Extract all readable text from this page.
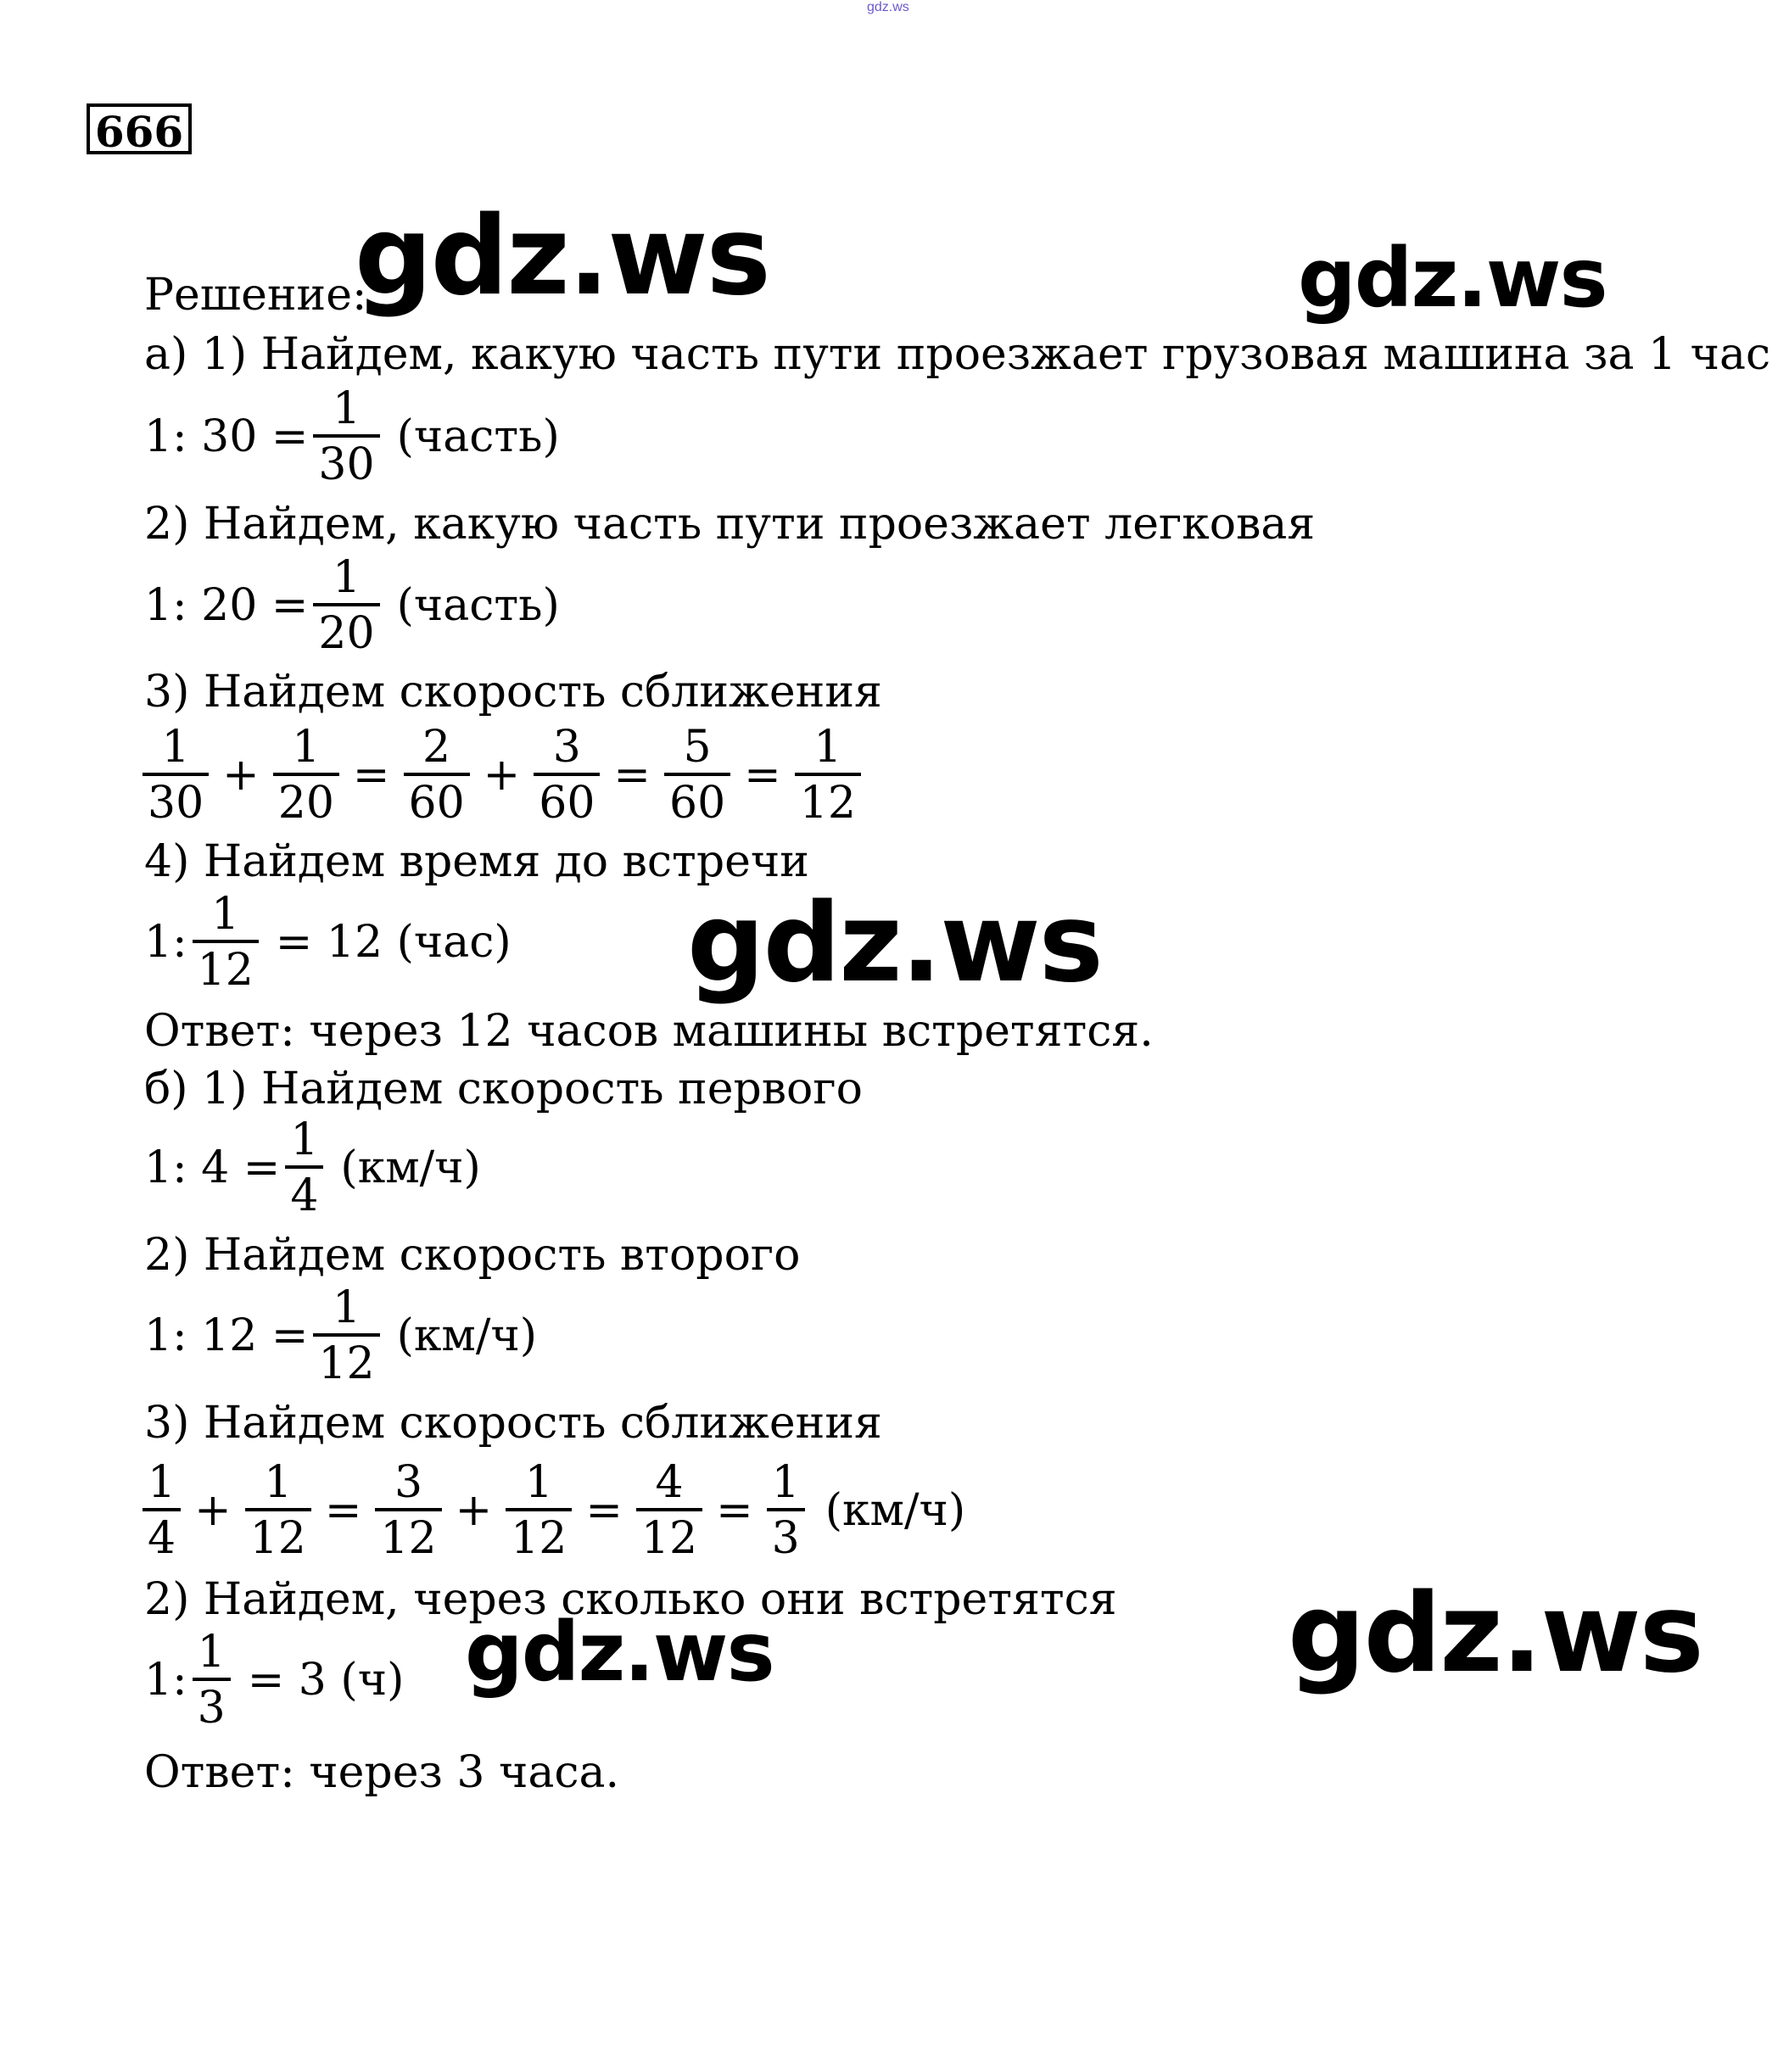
gdz.ws
666
gdz.ws	gdz.ws
gdz.ws
gdz.ws	gdz.ws
Решение:
а) 1) Найдем, какую часть пути проезжает грузовая машина за 1 час
1: $30 = \frac{1}{30}$ (часть)
2) Найдем, какую часть пути проезжает легковая
1: $20 = \frac{1}{20}$ (часть)
3) Найдем скорость сближения
$\frac{1}{30} + \frac{1}{20} = \frac{2}{60} + \frac{3}{60} = \frac{5}{60} = \frac{1}{12}$
4) Найдем время до встречи
1: $\frac{1}{12} = 12$ (час)
Ответ: через 12 часов машины встретятся.
б) 1) Найдем скорость первого
1: $4 = \frac{1}{4} (км/ч)$
2) Найдем скорость второго
1: $12 = \frac{1}{12} (км/ч)$
3) Найдем скорость сближения
$\frac{1}{4} + \frac{1}{12} = \frac{3}{12} + \frac{1}{12} = \frac{4}{12} = \frac{1}{3} (км/ч)$
2) Найдем, через сколько они встретятся
1: $\frac{1}{3} = 3$ (ч)
Ответ: через 3 часа.
